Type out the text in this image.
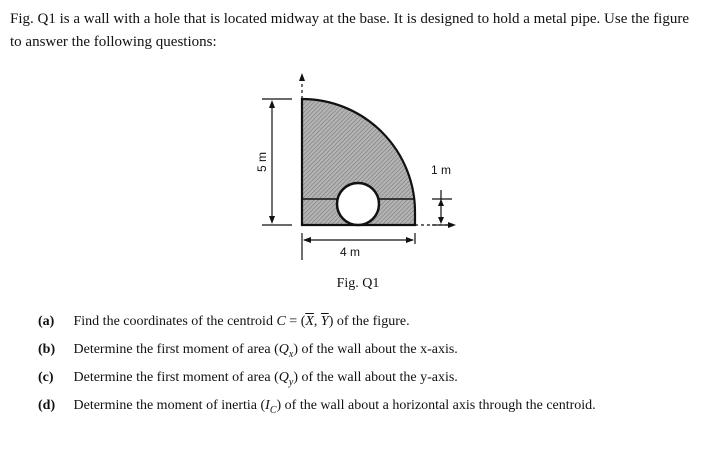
Fig. Q1 is a wall with a hole that is located midway at the base. It is designed to hold a metal pipe. Use the figure
to answer the following questions:
5 m
4 m
1 m
Fig. Q1
(a) Find the coordinates of the centroid $C = (\overline{X}$, $\overline{Y}$) of the figure.
(b) Determine the first moment of area $(Q_x)$ of the wall about the x-axis.
(c) Determine the first moment of area $(Q_y)$ of the wall about the y-axis.
(d) Determine the moment of inertia $(I_C)$ of the wall about a horizontal axis through the centroid.
